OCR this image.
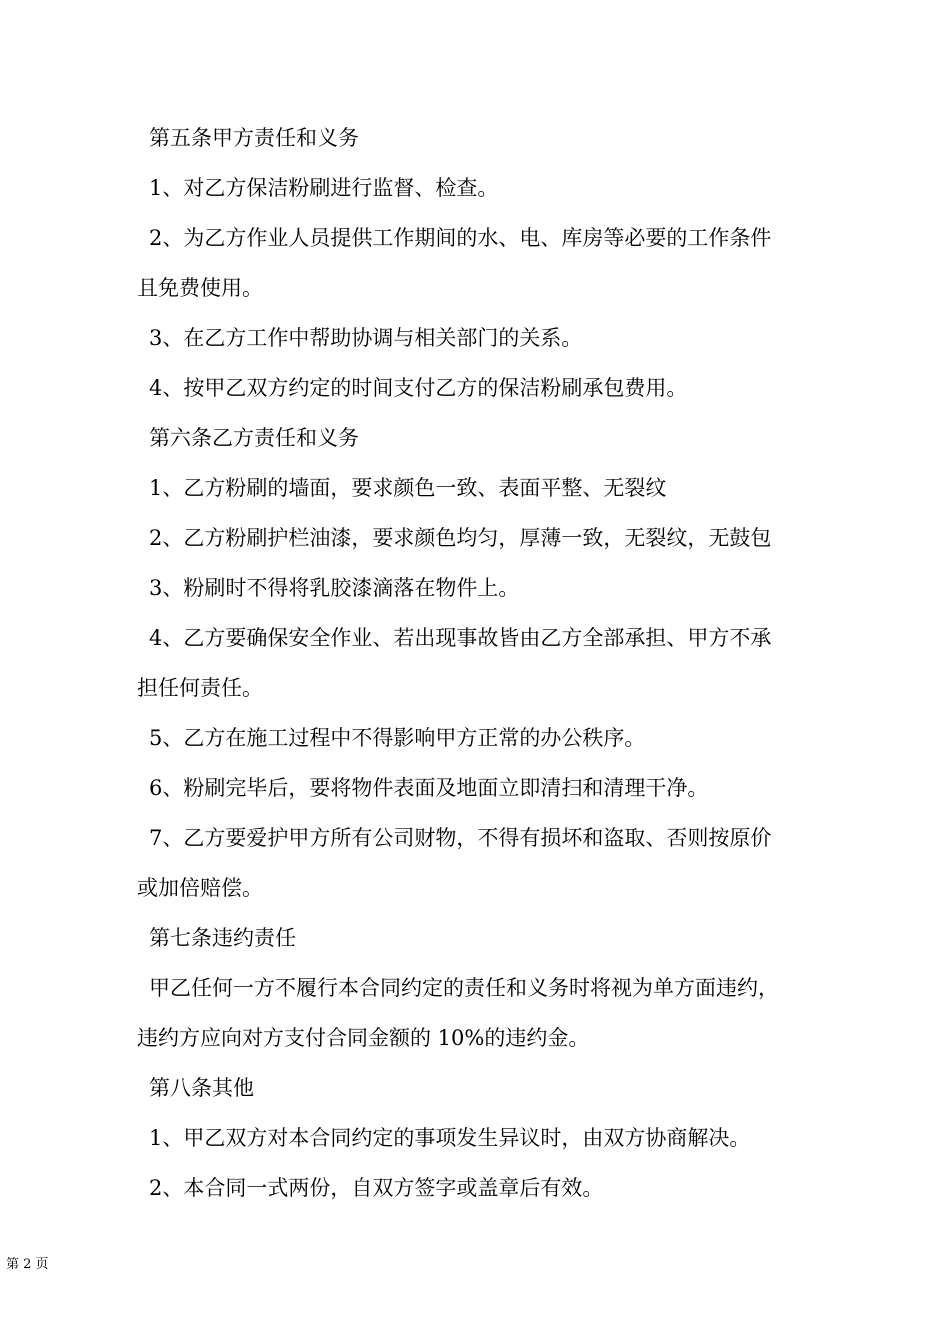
第五条甲方责任和义务
1、对乙方保洁粉刷进行监督、检查。
2、为乙方作业人员提供工作期间的水、电、库房等必要的工作条件
且免费使用。
3、在乙方工作中帮助协调与相关部门的关系。
4、按甲乙双方约定的时间支付乙方的保洁粉刷承包费用。
第六条乙方责任和义务
1、乙方粉刷的墙面，要求颜色一致、表面平整、无裂纹
2、乙方粉刷护栏油漆，要求颜色均匀，厚薄一致，无裂纹，无鼓包
3、粉刷时不得将乳胶漆滴落在物件上。
4、乙方要确保安全作业、若出现事故皆由乙方全部承担、甲方不承
担任何责任。
5、乙方在施工过程中不得影响甲方正常的办公秩序。
6、粉刷完毕后，要将物件表面及地面立即清扫和清理干净。
7、乙方要爱护甲方所有公司财物，不得有损坏和盗取、否则按原价
或加倍赔偿。
第七条违约责任
甲乙任何一方不履行本合同约定的责任和义务时将视为单方面违约，
违约方应向对方支付合同金额的 10%的违约金。
第八条其他
1、甲乙双方对本合同约定的事项发生异议时，由双方协商解决。
2、本合同一式两份，自双方签字或盖章后有效。
第 2 页
